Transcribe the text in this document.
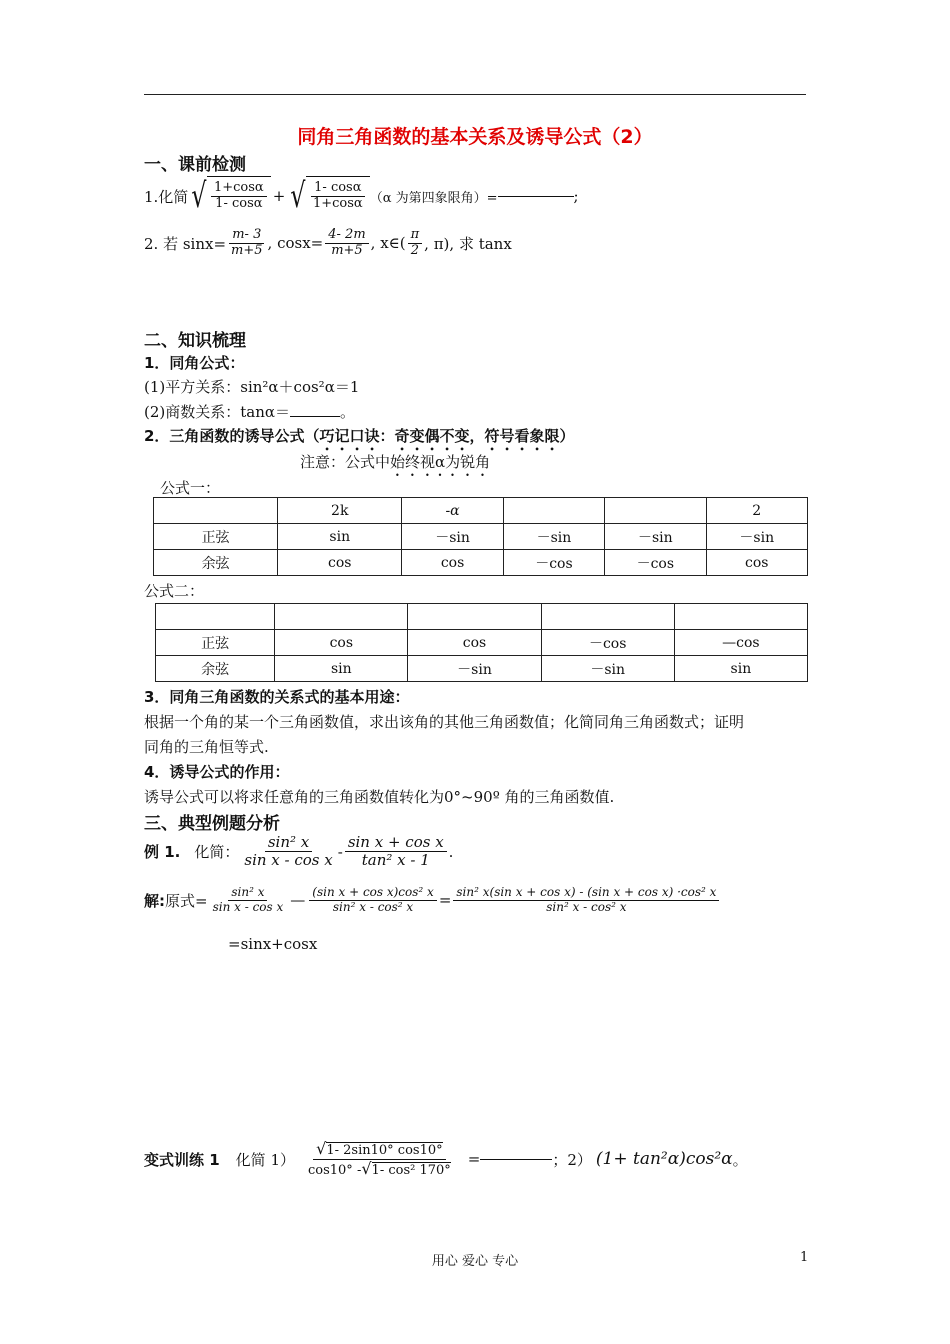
同角三角函数的基本关系及诱导公式（2）
一、课前检测
1.化简 √ $\frac{1+\cos\alpha}{1- \cos\alpha}$ + √ $\frac{1- \cos\alpha}{1+\cos\alpha} (\alpha$ 为第四象限角）=	;
2. 若 $\sin x= \frac{m- 3}{m+5}$ , $\cos x= \frac{4- 2m}{m+5}$ , x∈( $\frac{\pi}{2}$ , π), 求 tanx
二、知识梳理
1．同角公式：
(1)平方关系：sin²α＋cos²α＝1
(2)商数关系：tanα＝	。
2．三角函数的诱导公式（巧记口诀：奇变偶不变，符号看象限）
注意：公式中始终视α为锐角
公式一：
	2k	-α			2
正弦	sin	－sin	－sin	－sin	－sin
余弦	cos	cos	－cos	－cos	cos
公式二：

正弦	cos	cos	－cos	—cos
余弦	sin	－sin	－sin	sin
3．同角三角函数的关系式的基本用途：
根据一个角的某一个三角函数值，求出该角的其他三角函数值；化简同角三角函数式；证明
同角的三角恒等式.
4．诱导公式的作用：
诱导公式可以将求任意角的三角函数值转化为0°~90º 角的三角函数值.
三、典型例题分析
例 1. 化简： $\frac{\text{sin² x}}{\text{sin x - cos x}} - \frac{\text{sin x + cos x}}{\text{tan² x - 1}}$ .
解: 原式= $\frac{\text{sin² x}}{\text{sin x - cos x}}$ — $\frac{\text{(sin x + cos x)cos² x}}{\text{sin² x - cos² x}} = \frac{\text{sin² x(sin x + cos x) - (sin x + cos x) ·cos² x}}{\text{sin² x - cos² x}}$
=sinx+cosx
变式训练 1 化简 $1) \frac{√1- 2\sin 10^\circ \cos 10^\circ}{\text{cos10° -√1- cos² 170°}}$ =	；2） (1+ tan²α)cos²α 。
用心 爱心 专心	1
